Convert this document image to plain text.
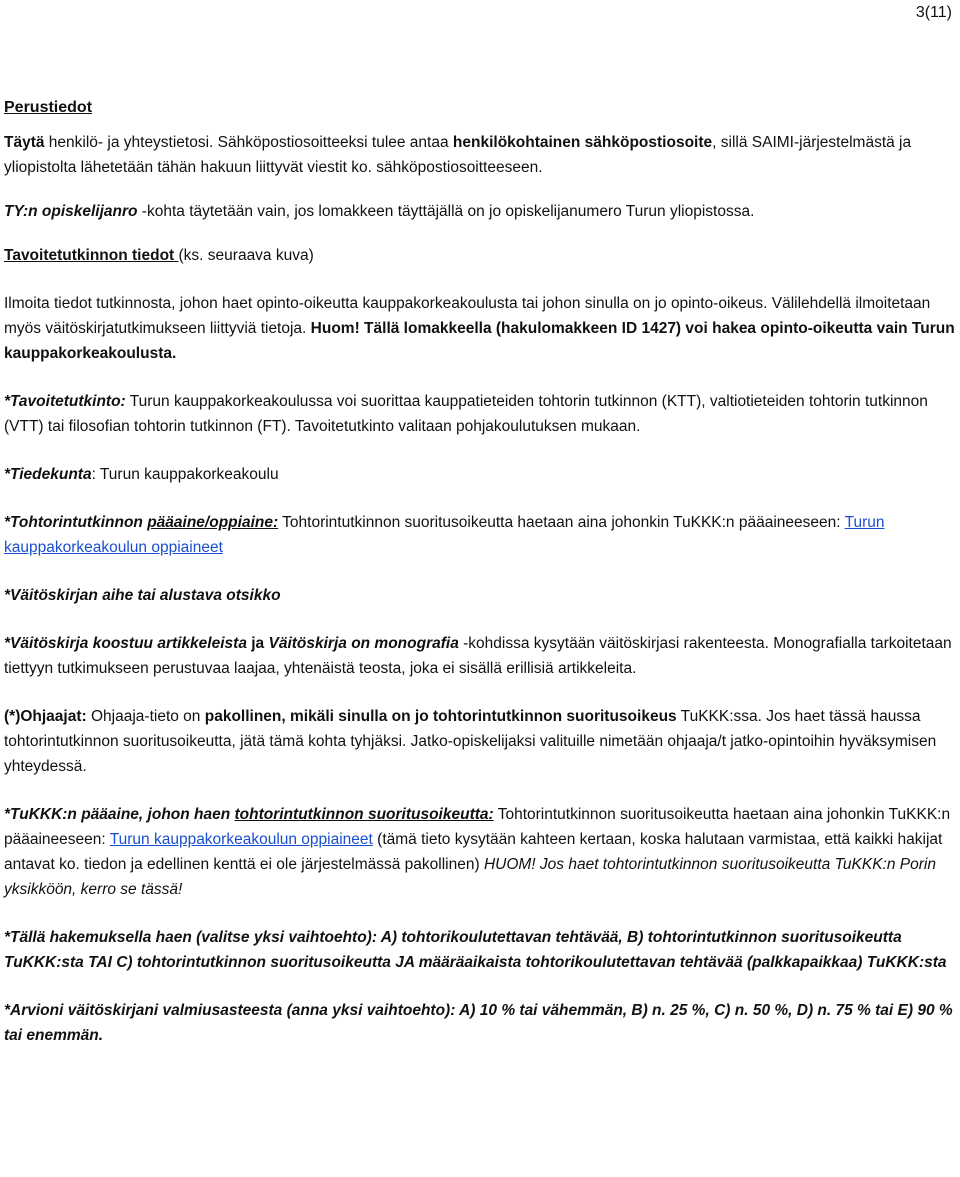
3(11)

Perustiedot

Täytä henkilö- ja yhteystietosi. Sähköpostiosoitteeksi tulee antaa henkilökohtainen sähköpostiosoite, sillä SAIMI-järjestelmästä ja yliopistolta lähetetään tähän hakuun liittyvät viestit ko. sähköpostiosoitteeseen.

TY:n opiskelijanro -kohta täytetään vain, jos lomakkeen täyttäjällä on jo opiskelijanumero Turun yliopistossa.

Tavoitetutkinnon tiedot (ks. seuraava kuva)

Ilmoita tiedot tutkinnosta, johon haet opinto-oikeutta kauppakorkeakoulusta tai johon sinulla on jo opinto-oikeus. Välilehdellä ilmoitetaan myös väitöskirjatutkimukseen liittyviä tietoja. Huom! Tällä lomakkeella (hakulomakkeen ID 1427) voi hakea opinto-oikeutta vain Turun kauppakorkeakoulusta.

*Tavoitetutkinto: Turun kauppakorkeakoulussa voi suorittaa kauppatieteiden tohtorin tutkinnon (KTT), valtiotieteiden tohtorin tutkinnon (VTT) tai filosofian tohtorin tutkinnon (FT). Tavoitetutkinto valitaan pohjakoulutuksen mukaan.

*Tiedekunta: Turun kauppakorkeakoulu

*Tohtorintutkinnon pääaine/oppiaine: Tohtorintutkinnon suoritusoikeutta haetaan aina johonkin TuKKK:n pääaineeseen: Turun kauppakorkeakoulun oppiaineet

*Väitöskirjan aihe tai alustava otsikko

*Väitöskirja koostuu artikkeleista ja Väitöskirja on monografia -kohdissa kysytään väitöskirjasi rakenteesta. Monografialla tarkoitetaan tiettyyn tutkimukseen perustuvaa laajaa, yhtenäistä teosta, joka ei sisällä erillisiä artikkeleita.

(*)Ohjaajat: Ohjaaja-tieto on pakollinen, mikäli sinulla on jo tohtorintutkinnon suoritusoikeus TuKKK:ssa. Jos haet tässä haussa tohtorintutkinnon suoritusoikeutta, jätä tämä kohta tyhjäksi. Jatko-opiskelijaksi valituille nimetään ohjaaja/t jatko-opintoihin hyväksymisen yhteydessä.

*TuKKK:n pääaine, johon haen tohtorintutkinnon suoritusoikeutta: Tohtorintutkinnon suoritusoikeutta haetaan aina johonkin TuKKK:n pääaineeseen: Turun kauppakorkeakoulun oppiaineet (tämä tieto kysytään kahteen kertaan, koska halutaan varmistaa, että kaikki hakijat antavat ko. tiedon ja edellinen kenttä ei ole järjestelmässä pakollinen) HUOM! Jos haet tohtorintutkinnon suoritusoikeutta TuKKK:n Porin yksikköön, kerro se tässä!

*Tällä hakemuksella haen (valitse yksi vaihtoehto): A) tohtorikoulutettavan tehtävää, B) tohtorintutkinnon suoritusoikeutta TuKKK:sta TAI C) tohtorintutkinnon suoritusoikeutta JA määräaikaista tohtorikoulutettavan tehtävää (palkkapaikkaa) TuKKK:sta

*Arvioni väitöskirjani valmiusasteesta (anna yksi vaihtoehto): A) 10 % tai vähemmän, B) n. 25 %, C) n. 50 %, D) n. 75 % tai E) 90 % tai enemmän.
